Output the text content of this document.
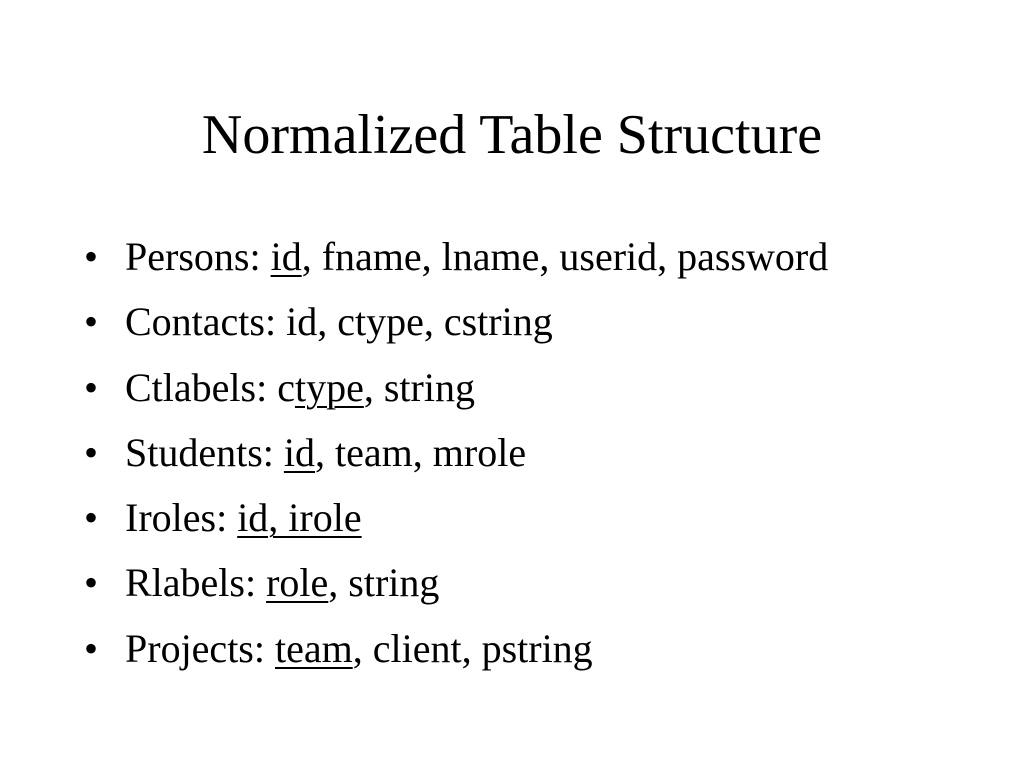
Normalized Table Structure
• Persons: id, fname, lname, userid, password
• Contacts: id, ctype, cstring
• Ctlabels: ctype, string
• Students: id, team, mrole
• Iroles: id, irole
• Rlabels: role, string
• Projects: team, client, pstring
